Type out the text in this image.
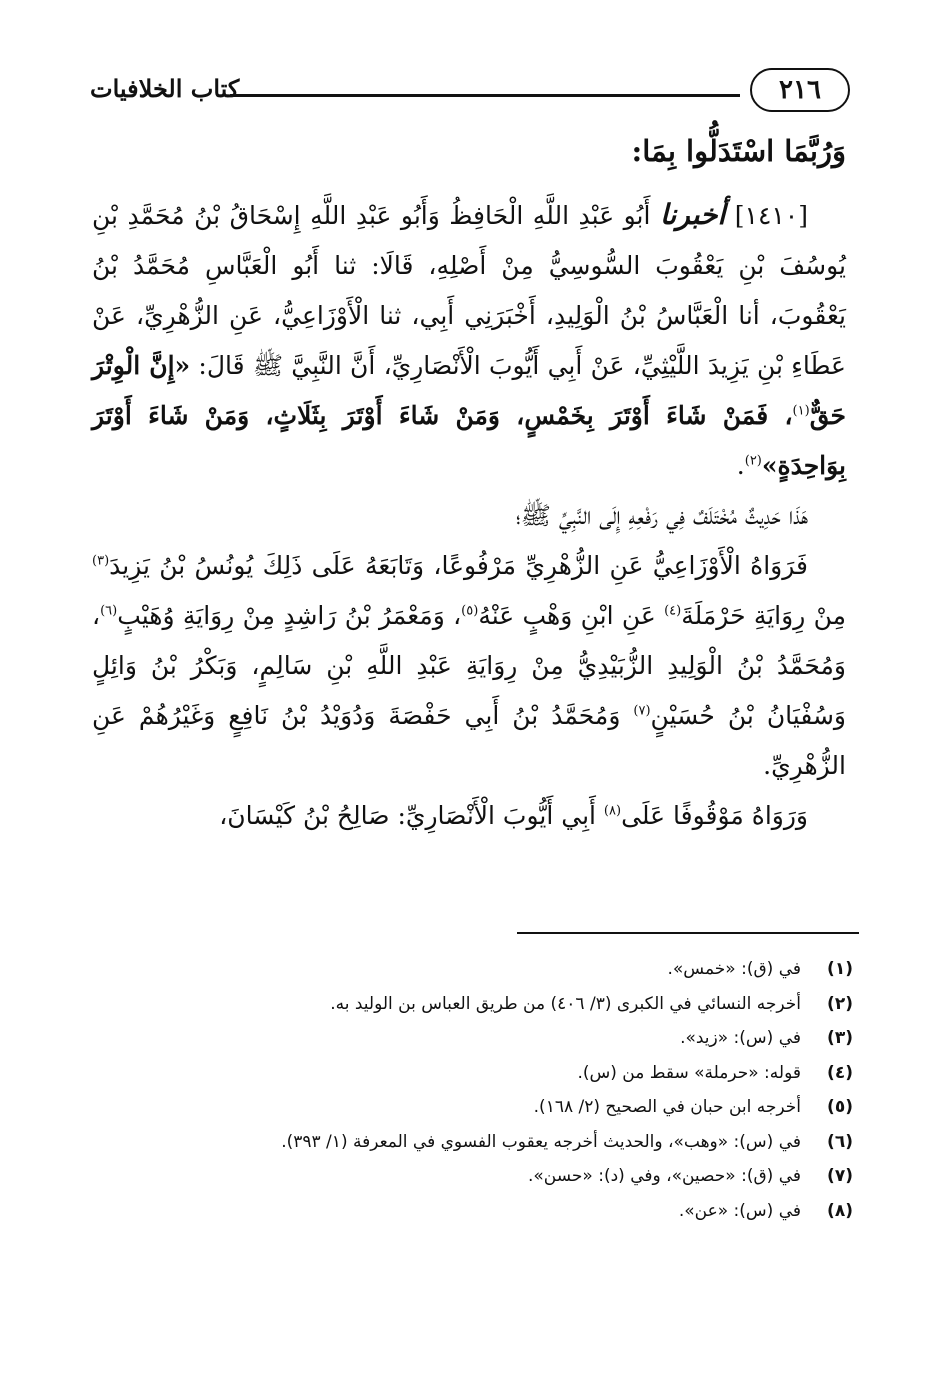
٢١٦
كتاب الخلافيات
وَرُبَّمَا اسْتَدَلُّوا بِمَا:

[١٤١٠] أخبرنا أَبُو عَبْدِ اللَّهِ الْحَافِظُ وَأَبُو عَبْدِ اللَّهِ إِسْحَاقُ بْنُ مُحَمَّدِ بْنِ يُوسُفَ بْنِ يَعْقُوبَ السُّوسِيُّ مِنْ أَصْلِهِ، قَالَا: ثنا أَبُو الْعَبَّاسِ مُحَمَّدُ بْنُ يَعْقُوبَ، أنا الْعَبَّاسُ بْنُ الْوَلِيدِ، أَخْبَرَنِي أَبِي، ثنا الْأَوْزَاعِيُّ، عَنِ الزُّهْرِيِّ، عَنْ عَطَاءِ بْنِ يَزِيدَ اللَّيْثِيِّ، عَنْ أَبِي أَيُّوبَ الْأَنْصَارِيِّ، أَنَّ النَّبِيَّ ﷺ قَالَ: «إِنَّ الْوِتْرَ حَقٌّ$^{(١)}$، فَمَنْ شَاءَ أَوْتَرَ بِخَمْسٍ، وَمَنْ شَاءَ أَوْتَرَ بِثَلَاثٍ، وَمَنْ شَاءَ أَوْتَرَ بِوَاحِدَةٍ»$^{(٢)}$.

هَذَا حَدِيثٌ مُخْتَلَفٌ فِي رَفْعِهِ إِلَى النَّبِيِّ ﷺ؛

فَرَوَاهُ الْأَوْزَاعِيُّ عَنِ الزُّهْرِيِّ مَرْفُوعًا، وَتَابَعَهُ عَلَى ذَلِكَ يُونُسُ بْنُ يَزِيدَ$^{(٣)}$ مِنْ رِوَايَةِ حَرْمَلَةَ$^{(٤)}$ عَنِ ابْنِ وَهْبٍ عَنْهُ$^{(٥)}$، وَمَعْمَرُ بْنُ رَاشِدٍ مِنْ رِوَايَةِ وُهَيْبٍ$^{(٦)}$، وَمُحَمَّدُ بْنُ الْوَلِيدِ الزُّبَيْدِيُّ مِنْ رِوَايَةِ عَبْدِ اللَّهِ بْنِ سَالِمٍ، وَبَكْرُ بْنُ وَائِلٍ وَسُفْيَانُ بْنُ حُسَيْنٍ$^{(٧)}$ وَمُحَمَّدُ بْنُ أَبِي حَفْصَةَ وَدُوَيْدُ بْنُ نَافِعٍ وَغَيْرُهُمْ عَنِ الزُّهْرِيِّ.

وَرَوَاهُ مَوْقُوفًا عَلَى$^{(٨)}$ أَبِي أَيُّوبَ الْأَنْصَارِيِّ: صَالِحُ بْنُ كَيْسَانَ،

(١)
في (ق): «خمس».
(٢)
أخرجه النسائي في الكبرى (٣/ ٤٠٦) من طريق العباس بن الوليد به.
(٣)
في (س): «زيد».
(٤)
قوله: «حرملة» سقط من (س).
(٥)
أخرجه ابن حبان في الصحيح (٢/ ١٦٨).
(٦)
في (س): «وهب»، والحديث أخرجه يعقوب الفسوي في المعرفة (١/ ٣٩٣).
(٧)
في (ق): «حصين»، وفي (د): «حسن».
(٨)
في (س): «عن».
